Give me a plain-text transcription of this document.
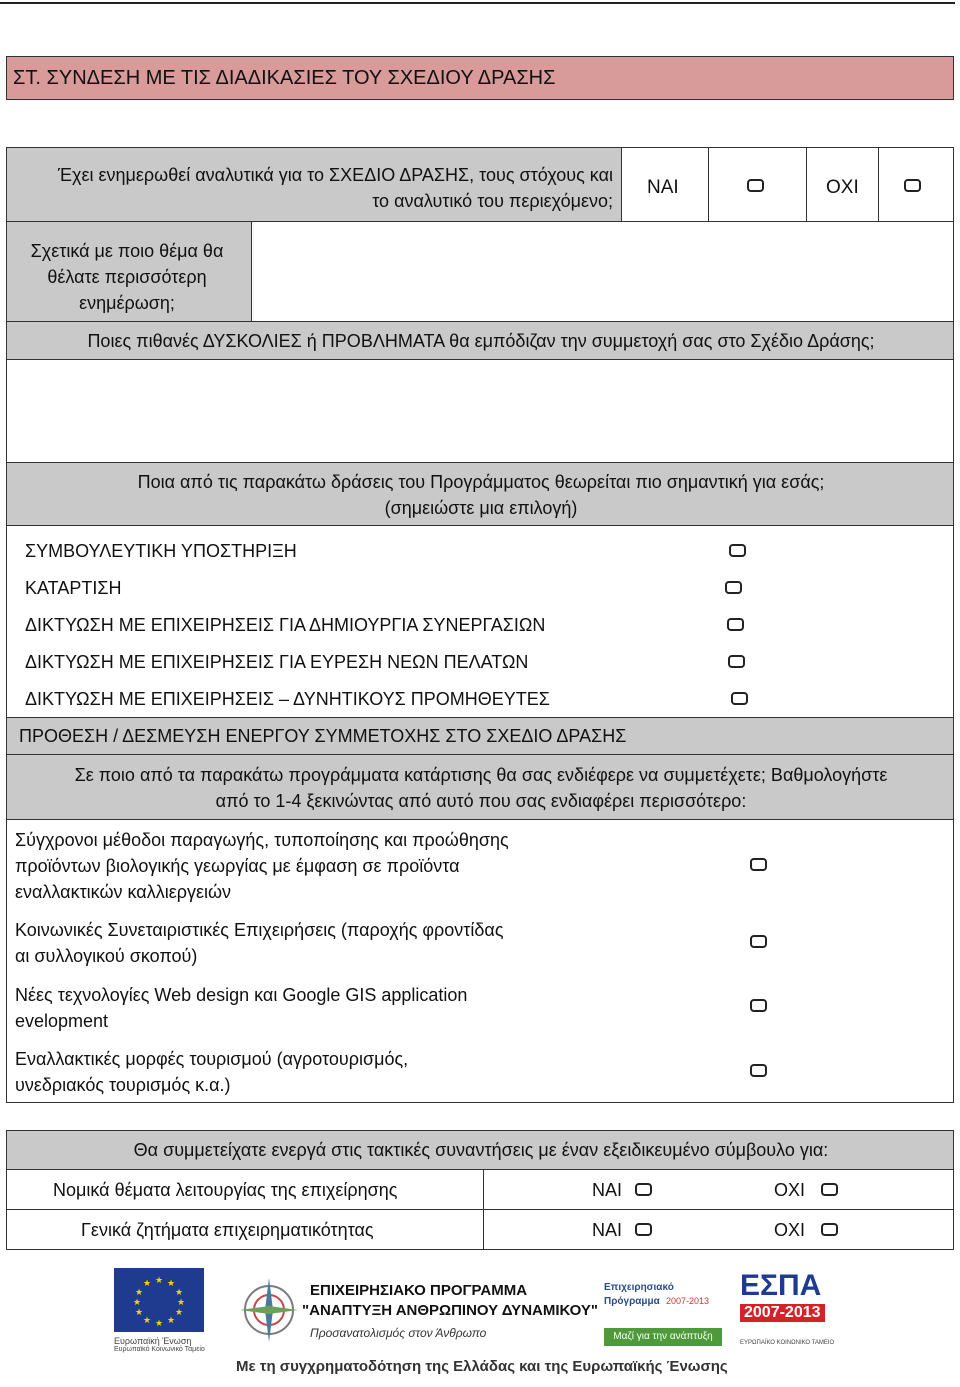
ΣΤ. ΣΥΝΔΕΣΗ ΜΕ ΤΙΣ ΔΙΑΔΙΚΑΣΙΕΣ ΤΟΥ ΣΧΕΔΙΟΥ ΔΡΑΣΗΣ
Έχει ενημερωθεί αναλυτικά για το ΣΧΕΔΙΟ ΔΡΑΣΗΣ, τους στόχους και
το αναλυτικό του περιεχόμενο;
ΝΑΙ	ΟΧΙ
Σχετικά με ποιο θέμα θα
θέλατε περισσότερη
ενημέρωση;
Ποιες πιθανές ΔΥΣΚΟΛΙΕΣ ή ΠΡΟΒΛΗΜΑΤΑ θα εμπόδιζαν την συμμετοχή σας στο Σχέδιο Δράσης;
Ποια από τις παρακάτω δράσεις του Προγράμματος θεωρείται πιο σημαντική για εσάς;
(σημειώστε μια επιλογή)
ΣΥΜΒΟΥΛΕΥΤΙΚΗ ΥΠΟΣΤΗΡΙΞΗ
ΚΑΤΑΡΤΙΣΗ
ΔΙΚΤΥΩΣΗ ΜΕ ΕΠΙΧΕΙΡΗΣΕΙΣ ΓΙΑ ΔΗΜΙΟΥΡΓΙΑ ΣΥΝΕΡΓΑΣΙΩΝ
ΔΙΚΤΥΩΣΗ ΜΕ ΕΠΙΧΕΙΡΗΣΕΙΣ ΓΙΑ ΕΥΡΕΣΗ ΝΕΩΝ ΠΕΛΑΤΩΝ
ΔΙΚΤΥΩΣΗ ΜΕ ΕΠΙΧΕΙΡΗΣΕΙΣ – ΔΥΝΗΤΙΚΟΥΣ ΠΡΟΜΗΘΕΥΤΕΣ
ΠΡΟΘΕΣΗ / ΔΕΣΜΕΥΣΗ ΕΝΕΡΓΟΥ ΣΥΜΜΕΤΟΧΗΣ ΣΤΟ ΣΧΕΔΙΟ ΔΡΑΣΗΣ
Σε ποιο από τα παρακάτω προγράμματα κατάρτισης θα σας ενδιέφερε να συμμετέχετε; Βαθμολογήστε
από το 1-4 ξεκινώντας από αυτό που σας ενδιαφέρει περισσότερο:
Σύγχρονοι μέθοδοι παραγωγής, τυποποίησης και προώθησης
προϊόντων βιολογικής γεωργίας με έμφαση σε προϊόντα
εναλλακτικών καλλιεργειών
Κοινωνικές Συνεταιριστικές Επιχειρήσεις (παροχής φροντίδας
αι συλλογικού σκοπού)
Νέες τεχνολογίες Web design και Google GIS application
evelopment
Εναλλακτικές μορφές τουρισμού (αγροτουρισμός,
υνεδριακός τουρισμός κ.α.)
Θα συμμετείχατε ενεργά στις τακτικές συναντήσεις με έναν εξειδικευμένο σύμβουλο για:
Νομικά θέματα λειτουργίας της επιχείρησης	ΝΑΙ	ΟΧΙ
Γενικά ζητήματα επιχειρηματικότητας	ΝΑΙ	ΟΧΙ
★ ★
★
★
★
★
★
★
★
★
★
★
Ευρωπαϊκή Ένωση
Ευρωπαϊκό Κοινωνικό Ταμείο
ΕΠΙΧΕΙΡΗΣΙΑΚΟ ΠΡΟΓΡΑΜΜΑ
"ΑΝΑΠΤΥΞΗ ΑΝΘΡΩΠΙΝΟΥ ΔΥΝΑΜΙΚΟΥ"
Προσανατολισμός στον Άνθρωπο
Επιχειρησιακό
Πρόγραμμα 2007-2013
Μαζί για την ανάπτυξη
ΕΣΠΑ
2007-2013
ΕΥΡΩΠΑΪΚΟ ΚΟΙΝΩΝΙΚΟ ΤΑΜΕΙΟ
Με τη συγχρηματοδότηση της Ελλάδας και της Ευρωπαϊκής Ένωσης
